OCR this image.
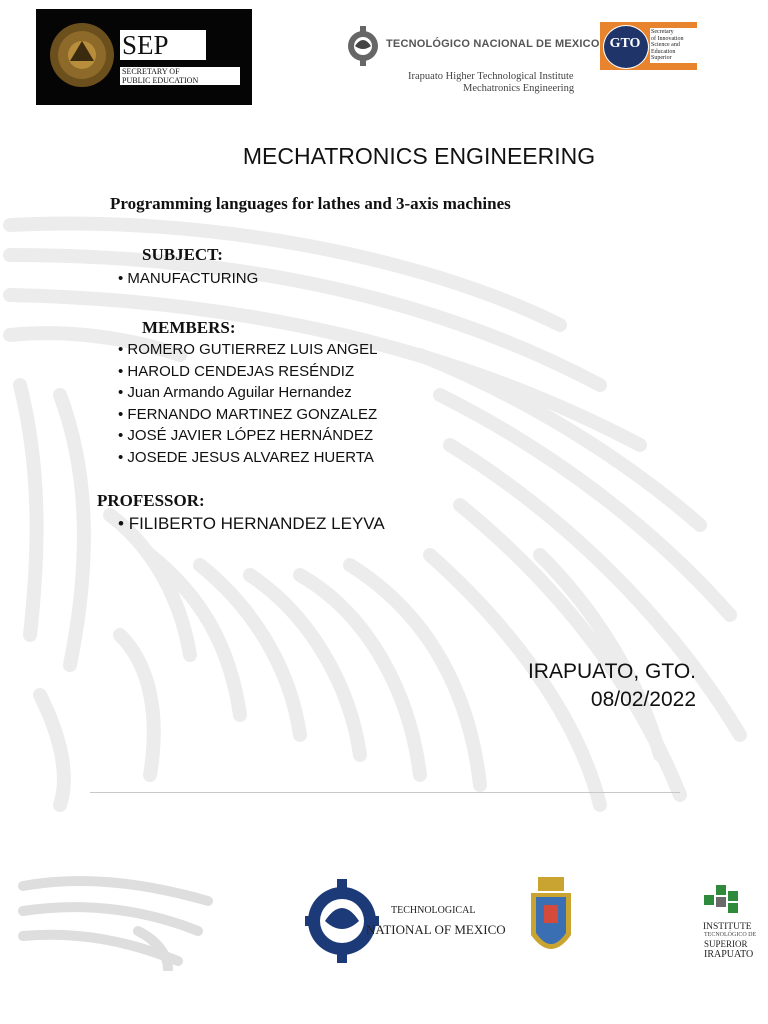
SEP
SECRETARY OF
PUBLIC EDUCATION
TECNOLÓGICO NACIONAL DE MEXICO
Irapuato Higher Technological Institute
Mechatronics Engineering
GTO
Secretary
of Innovation
Science and
Education
Superior
MECHATRONICS ENGINEERING
Programming languages for lathes and 3-axis machines
SUBJECT:
• MANUFACTURING
MEMBERS:
• ROMERO GUTIERREZ LUIS ANGEL
• HAROLD CENDEJAS RESÉNDIZ
• Juan Armando Aguilar Hernandez
• FERNANDO MARTINEZ GONZALEZ
• JOSÉ JAVIER LÓPEZ HERNÁNDEZ
• JOSEDE JESUS ALVAREZ HUERTA
PROFESSOR:
• FILIBERTO HERNANDEZ LEYVA
IRAPUATO, GTO.
08/02/2022
TECHNOLOGICAL
NATIONAL OF MEXICO	INSTITUTE
TECNOLÓGICO DE
SUPERIOR
IRAPUATO
